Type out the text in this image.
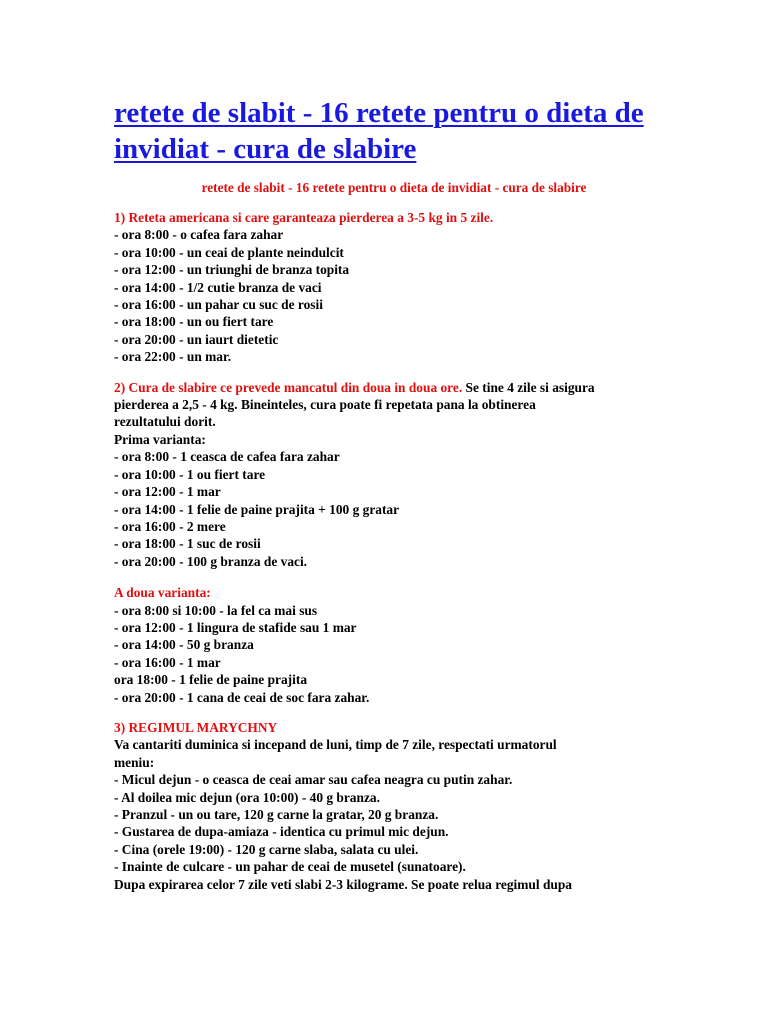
retete de slabit - 16 retete pentru o dieta de invidiat - cura de slabire
retete de slabit - 16 retete pentru o dieta de invidiat - cura de slabire
1) Reteta americana si care garanteaza pierderea a 3-5 kg in 5 zile.
- ora 8:00 - o cafea fara zahar
- ora 10:00 - un ceai de plante neindulcit
- ora 12:00 - un triunghi de branza topita
- ora 14:00 - 1/2 cutie branza de vaci
- ora 16:00 - un pahar cu suc de rosii
- ora 18:00 - un ou fiert tare
- ora 20:00 - un iaurt dietetic
- ora 22:00 - un mar.
2) Cura de slabire ce prevede mancatul din doua in doua ore. Se tine 4 zile si asigura
pierderea a 2,5 - 4 kg. Bineinteles, cura poate fi repetata pana la obtinerea
rezultatului dorit.
Prima varianta:
- ora 8:00 - 1 ceasca de cafea fara zahar
- ora 10:00 - 1 ou fiert tare
- ora 12:00 - 1 mar
- ora 14:00 - 1 felie de paine prajita + 100 g gratar
- ora 16:00 - 2 mere
- ora 18:00 - 1 suc de rosii
- ora 20:00 - 100 g branza de vaci.
A doua varianta:
- ora 8:00 si 10:00 - la fel ca mai sus
- ora 12:00 - 1 lingura de stafide sau 1 mar
- ora 14:00 - 50 g branza
- ora 16:00 - 1 mar
ora 18:00 - 1 felie de paine prajita
- ora 20:00 - 1 cana de ceai de soc fara zahar.
3) REGIMUL MARYCHNY
Va cantariti duminica si incepand de luni, timp de 7 zile, respectati urmatorul
meniu:
- Micul dejun - o ceasca de ceai amar sau cafea neagra cu putin zahar.
- Al doilea mic dejun (ora 10:00) - 40 g branza.
- Pranzul - un ou tare, 120 g carne la gratar, 20 g branza.
- Gustarea de dupa-amiaza - identica cu primul mic dejun.
- Cina (orele 19:00) - 120 g carne slaba, salata cu ulei.
- Inainte de culcare - un pahar de ceai de musetel (sunatoare).
Dupa expirarea celor 7 zile veti slabi 2-3 kilograme. Se poate relua regimul dupa
